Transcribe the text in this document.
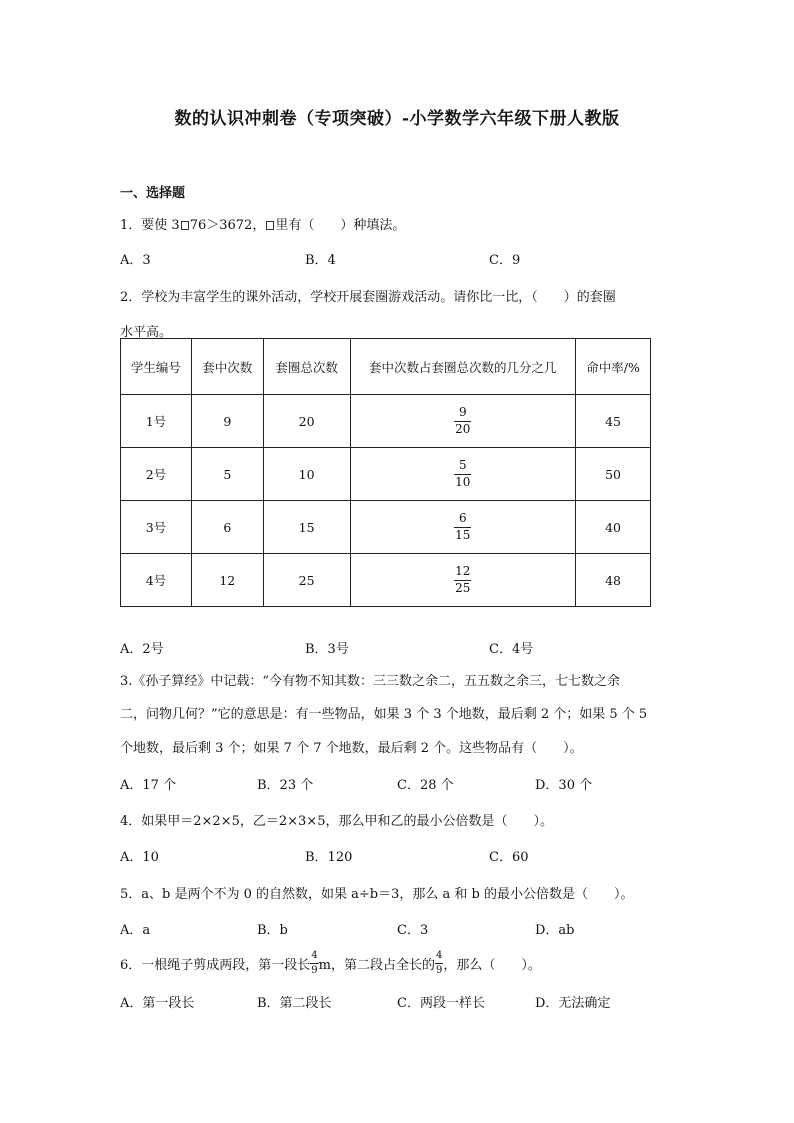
数的认识冲刺卷（专项突破）-小学数学六年级下册人教版
一、选择题
1．要使 3 76＞3672， 里有（　　）种填法。
A．3	B．4	C．9
2．学校为丰富学生的课外活动，学校开展套圈游戏活动。请你比一比，（　　）的套圈
水平高。
学生编号	套中次数	套圈总次数	套中次数占套圈总次数的几分之几	命中率/%
1号	9	20	$\frac{9}{20}$	45
2号	5	10	$\frac{5}{10}$	50
3号	6	15	$\frac{6}{15}$	40
4号	12	25	$\frac{12}{25}$	48
A．2号	B．3号	C．4号
3.《孙子算经》中记载：“今有物不知其数：三三数之余二，五五数之余三，七七数之余
二，问物几何？”它的意思是：有一些物品，如果 3 个 3 个地数，最后剩 2 个；如果 5 个 5
个地数，最后剩 3 个；如果 7 个 7 个地数，最后剩 2 个。这些物品有（　　）。
A．17 个	B．23 个	C．28 个	D．30 个
4．如果甲＝2×2×5，乙＝2×3×5，那么甲和乙的最小公倍数是（　　）。
A．10	B．120	C．60
5．a、b 是两个不为 0 的自然数，如果 a÷b＝3，那么 a 和 b 的最小公倍数是（　　）。
A．a	B．b	C．3	D．ab
6．一根绳子剪成两段，第一段长 $\frac{4}{9}$ m，第二段占全长的 $\frac{4}{9}$ ，那么（　　）。
A．第一段长	B．第二段长	C．两段一样长	D．无法确定
